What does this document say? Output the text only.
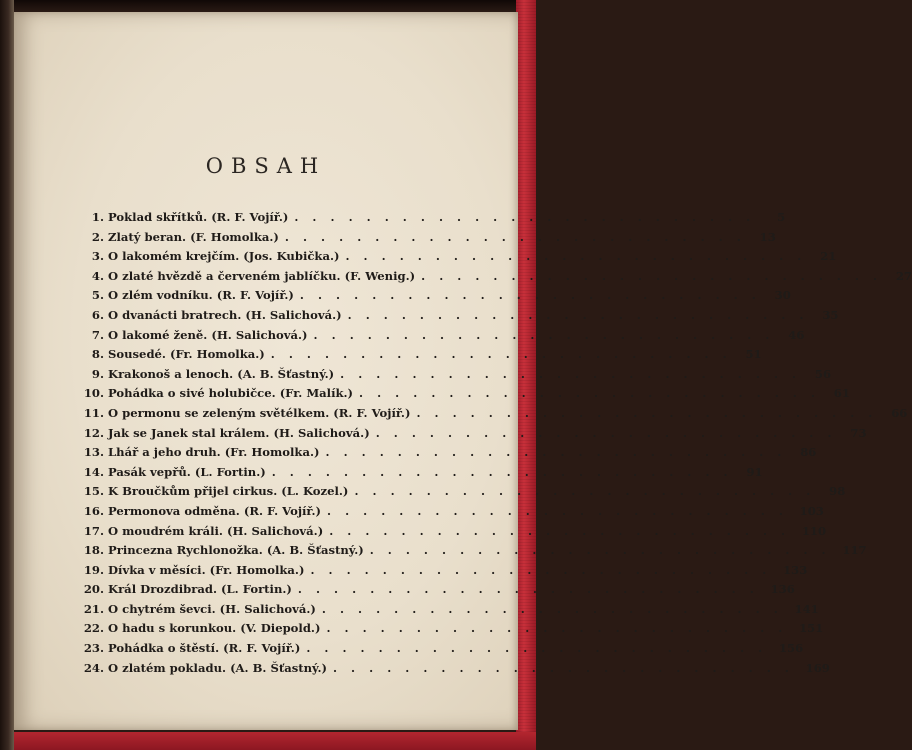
OBSAH
1. Poklad skřítků. (R. F. Vojíř.) . . .	5
2. Zlatý beran. (F. Homolka.) . . .	13
3. O lakomém krejčím. (Jos. Kubička.) . . .	21
4. O zlaté hvězdě a červeném jablíčku. (F. Wenig.) . . .	27
5. O zlém vodníku. (R. F. Vojíř.) . . .	30
6. O dvanácti bratrech. (H. Salichová.) . . .	35
7. O lakomé ženě. (H. Salichová.) . . .	46
8. Sousedé. (Fr. Homolka.) . . .	51
9. Krakonoš a lenoch. (A. B. Šťastný.) . . .	56
10. Pohádka o sivé holubičce. (Fr. Malík.) . . .	61
11. O permonu se zeleným světélkem. (R. F. Vojíř.) . . .	66
12. Jak se Janek stal králem. (H. Salichová.) . . .	73
13. Lhář a jeho druh. (Fr. Homolka.) . . .	86
14. Pasák vepřů. (L. Fortin.) . . .	91
15. K Broučkům přijel cirkus. (L. Kozel.) . . .	98
16. Permonova odměna. (R. F. Vojíř.) . . .	103
17. O moudrém králi. (H. Salichová.) . . .	110
18. Princezna Rychlonožka. (A. B. Šťastný.) . . .	117
19. Dívka v měsíci. (Fr. Homolka.) . . .	133
20. Král Drozdibrad. (L. Fortin.) . . .	136
21. O chytrém ševci. (H. Salichová.) . . .	141
22. O hadu s korunkou. (V. Diepold.) . . .	151
23. Pohádka o štěstí. (R. F. Vojíř.) . . .	156
24. O zlatém pokladu. (A. B. Šťastný.) . . .	169
